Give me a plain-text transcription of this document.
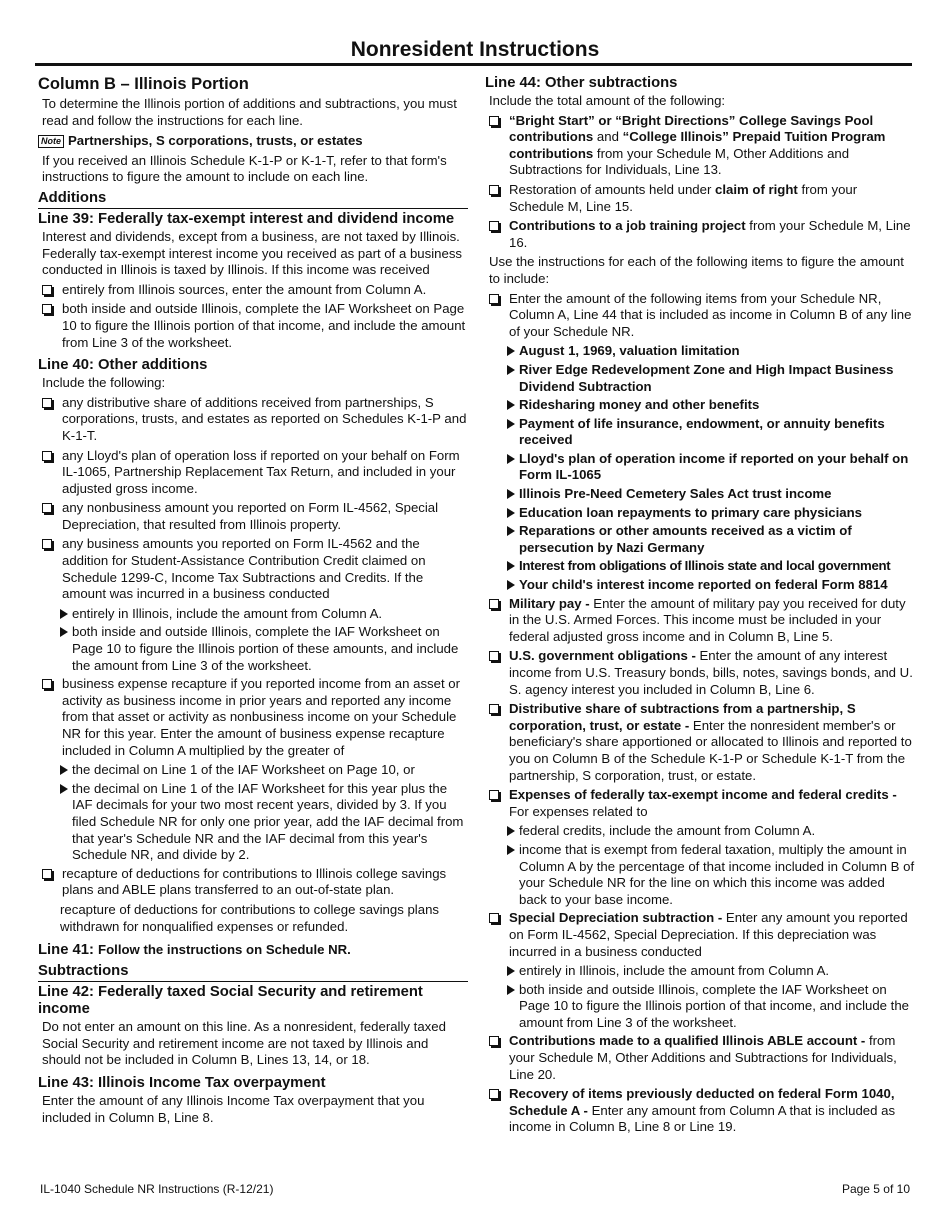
Nonresident Instructions
Column B – Illinois Portion

To determine the Illinois portion of additions and subtractions, you must read and follow the instructions for each line.

Note Partnerships, S corporations, trusts, or estates

If you received an Illinois Schedule K-1-P or K-1-T, refer to that form's instructions to figure the amount to include on each line.

Additions
Line 39: Federally tax-exempt interest and dividend income

Interest and dividends, except from a business, are not taxed by Illinois. Federally tax-exempt interest income you received as part of a business conducted in Illinois is taxed by Illinois. If this income was received

entirely from Illinois sources, enter the amount from Column A.
both inside and outside Illinois, complete the IAF Worksheet on Page 10 to figure the Illinois portion of that income, and include the amount from Line 3 of the worksheet.
Line 40: Other additions

Include the following:

any distributive share of additions received from partnerships, S corporations, trusts, and estates as reported on Schedules K-1-P and K-1-T.
any Lloyd's plan of operation loss if reported on your behalf on Form IL-1065, Partnership Replacement Tax Return, and included in your adjusted gross income.
any nonbusiness amount you reported on Form IL-4562, Special Depreciation, that resulted from Illinois property.
any business amounts you reported on Form IL-4562 and the addition for Student-Assistance Contribution Credit claimed on Schedule 1299-C, Income Tax Subtractions and Credits. If the amount was incurred in a business conducted
entirely in Illinois, include the amount from Column A.
both inside and outside Illinois, complete the IAF Worksheet on Page 10 to figure the Illinois portion of these amounts, and include the amount from Line 3 of the worksheet.
business expense recapture if you reported income from an asset or activity as business income in prior years and reported any income from that asset or activity as nonbusiness income on your Schedule NR for this year. Enter the amount of business expense recapture included in Column A multiplied by the greater of
the decimal on Line 1 of the IAF Worksheet on Page 10, or
the decimal on Line 1 of the IAF Worksheet for this year plus the IAF decimals for your two most recent years, divided by 3. If you filed Schedule NR for only one prior year, add the IAF decimal from that year's Schedule NR and the IAF decimal from this year's Schedule NR, and divide by 2.
recapture of deductions for contributions to Illinois college savings plans and ABLE plans transferred to an out-of-state plan.

recapture of deductions for contributions to college savings plans withdrawn for nonqualified expenses or refunded.

Line 41: Follow the instructions on Schedule NR.
Subtractions
Line 42: Federally taxed Social Security and retirement income

Do not enter an amount on this line. As a nonresident, federally taxed Social Security and retirement income are not taxed by Illinois and should not be included in Column B, Lines 13, 14, or 18.

Line 43: Illinois Income Tax overpayment

Enter the amount of any Illinois Income Tax overpayment that you included in Column B, Line 8.

Line 44: Other subtractions

Include the total amount of the following:

“Bright Start” or “Bright Directions” College Savings Pool contributions and “College Illinois” Prepaid Tuition Program contributions from your Schedule M, Other Additions and Subtractions for Individuals, Line 13.
Restoration of amounts held under claim of right from your Schedule M, Line 15.
Contributions to a job training project from your Schedule M, Line 16.

Use the instructions for each of the following items to figure the amount to include:

Enter the amount of the following items from your Schedule NR, Column A, Line 44 that is included as income in Column B of any line of your Schedule NR.
August 1, 1969, valuation limitation
River Edge Redevelopment Zone and High Impact Business Dividend Subtraction
Ridesharing money and other benefits
Payment of life insurance, endowment, or annuity benefits received
Lloyd's plan of operation income if reported on your behalf on Form IL-1065
Illinois Pre-Need Cemetery Sales Act trust income
Education loan repayments to primary care physicians
Reparations or other amounts received as a victim of persecution by Nazi Germany
Interest from obligations of Illinois state and local government
Your child's interest income reported on federal Form 8814
Military pay - Enter the amount of military pay you received for duty in the U.S. Armed Forces. This income must be included in your federal adjusted gross income and in Column B, Line 5.
U.S. government obligations - Enter the amount of any interest income from U.S. Treasury bonds, bills, notes, savings bonds, and U. S. agency interest you included in Column B, Line 6.
Distributive share of subtractions from a partnership, S corporation, trust, or estate - Enter the nonresident member's or beneficiary's share apportioned or allocated to Illinois and reported to you on Column B of the Schedule K-1-P or Schedule K-1-T from the partnership, S corporation, trust, or estate.
Expenses of federally tax-exempt income and federal credits - For expenses related to
federal credits, include the amount from Column A.
income that is exempt from federal taxation, multiply the amount in Column A by the percentage of that income included in Column B of your Schedule NR for the line on which this income was added back to your base income.
Special Depreciation subtraction - Enter any amount you reported on Form IL-4562, Special Depreciation. If this depreciation was incurred in a business conducted
entirely in Illinois, include the amount from Column A.
both inside and outside Illinois, complete the IAF Worksheet on Page 10 to figure the Illinois portion of that income, and include the amount from Line 3 of the worksheet.
Contributions made to a qualified Illinois ABLE account - from your Schedule M, Other Additions and Subtractions for Individuals, Line 20.
Recovery of items previously deducted on federal Form 1040, Schedule A - Enter any amount from Column A that is included as income in Column B, Line 8 or Line 19.
IL-1040 Schedule NR Instructions (R-12/21)	Page 5 of 10
